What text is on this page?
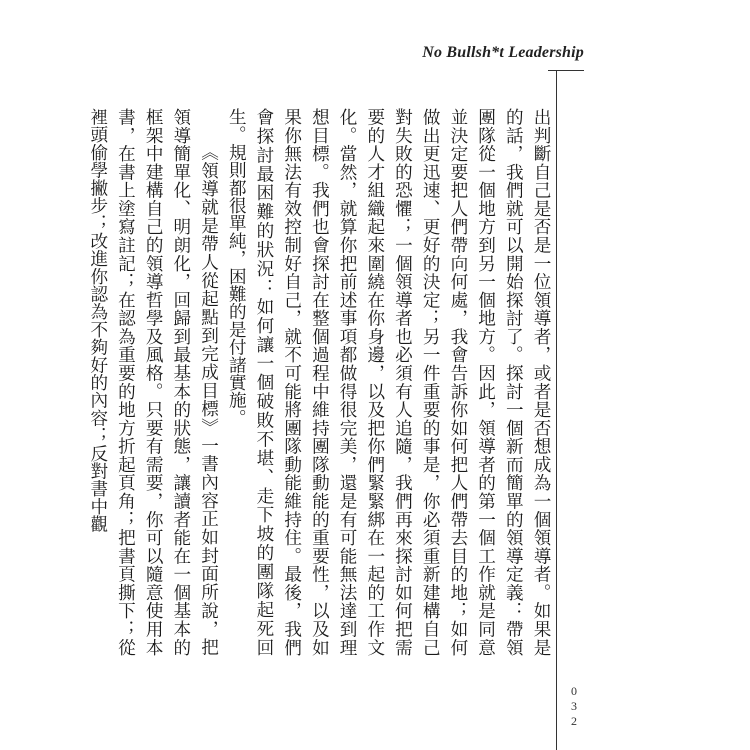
No Bullsh*t Leadership

出判斷自己是否是一位領導者，或者是否想成為一個領導者。如果是的話，我們就可以開始探討了。探討一個新而簡單的領導定義：帶領團隊從一個地方到另一個地方。因此，領導者的第一個工作就是同意並決定要把人們帶向何處，我會告訴你如何把人們帶去目的地；如何做出更迅速、更好的決定；另一件重要的事是，你必須重新建構自己對失敗的恐懼；一個領導者也必須有人追隨，我們再來探討如何把需要的人才組織起來圍繞在你身邊，以及把你們緊緊綁在一起的工作文化。當然，就算你把前述事項都做得很完美，還是有可能無法達到理想目標。我們也會探討在整個過程中維持團隊動能的重要性，以及如果你無法有效控制好自己，就不可能將團隊動能維持住。最後，我們會探討最困難的狀況：如何讓一個破敗不堪、走下坡的團隊起死回生。規則都很單純，困難的是付諸實施。

《領導就是帶人從起點到完成目標》一書內容正如封面所說，把領導簡單化、明朗化，回歸到最基本的狀態，讓讀者能在一個基本的框架中建構自己的領導哲學及風格。只要有需要，你可以隨意使用本書，在書上塗寫註記；在認為重要的地方折起頁角；把書頁撕下；從裡頭偷學撇步；改進你認為不夠好的內容；反對書中觀

032
